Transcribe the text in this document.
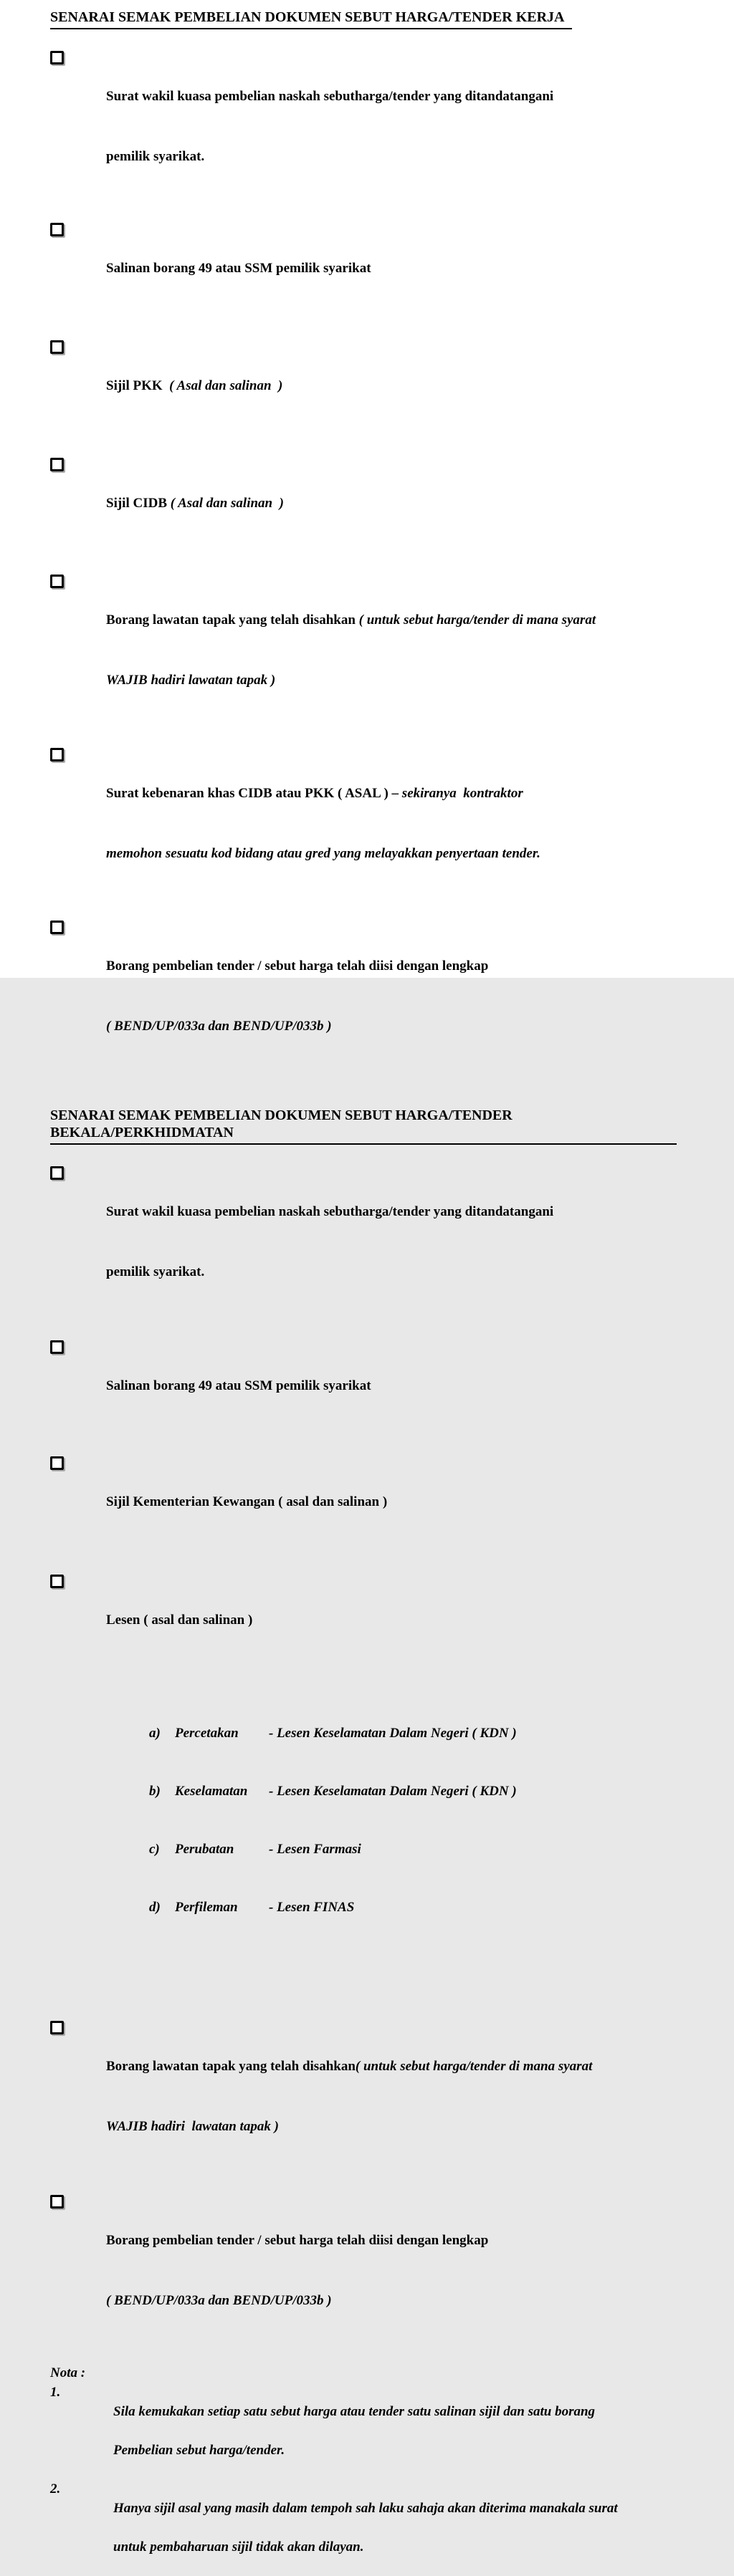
SENARAI SEMAK PEMBELIAN DOKUMEN SEBUT HARGA/TENDER KERJA

Surat wakil kuasa pembelian naskah sebutharga/tender yang ditandatangani

pemilik syarikat.

Salinan borang 49 atau SSM pemilik syarikat

Sijil PKK  ( Asal dan salinan  )

Sijil CIDB ( Asal dan salinan  )

Borang lawatan tapak yang telah disahkan ( untuk sebut harga/tender di mana syarat

WAJIB hadiri lawatan tapak )

Surat kebenaran khas CIDB atau PKK ( ASAL ) – sekiranya  kontraktor

memohon sesuatu kod bidang atau gred yang melayakkan penyertaan tender.

Borang pembelian tender / sebut harga telah diisi dengan lengkap

( BEND/UP/033a dan BEND/UP/033b )

SENARAI SEMAK PEMBELIAN DOKUMEN SEBUT HARGA/TENDER  BEKALA/PERKHIDMATAN

Surat wakil kuasa pembelian naskah sebutharga/tender yang ditandatangani

pemilik syarikat.

Salinan borang 49 atau SSM pemilik syarikat

Sijil Kementerian Kewangan ( asal dan salinan )

Lesen ( asal dan salinan )

a)	Percetakan	- Lesen Keselamatan Dalam Negeri ( KDN )

b)	Keselamatan	- Lesen Keselamatan Dalam Negeri ( KDN )

c)	Perubatan	- Lesen Farmasi

d)	Perfileman	- Lesen FINAS

Borang lawatan tapak yang telah disahkan( untuk sebut harga/tender di mana syarat

WAJIB hadiri  lawatan tapak )

Borang pembelian tender / sebut harga telah diisi dengan lengkap

( BEND/UP/033a dan BEND/UP/033b )

Nota :
1.

Sila kemukakan setiap satu sebut harga atau tender satu salinan sijil dan satu borang

Pembelian sebut harga/tender.

2.

Hanya sijil asal yang masih dalam tempoh sah laku sahaja akan diterima manakala surat

untuk pembaharuan sijil tidak akan dilayan.
